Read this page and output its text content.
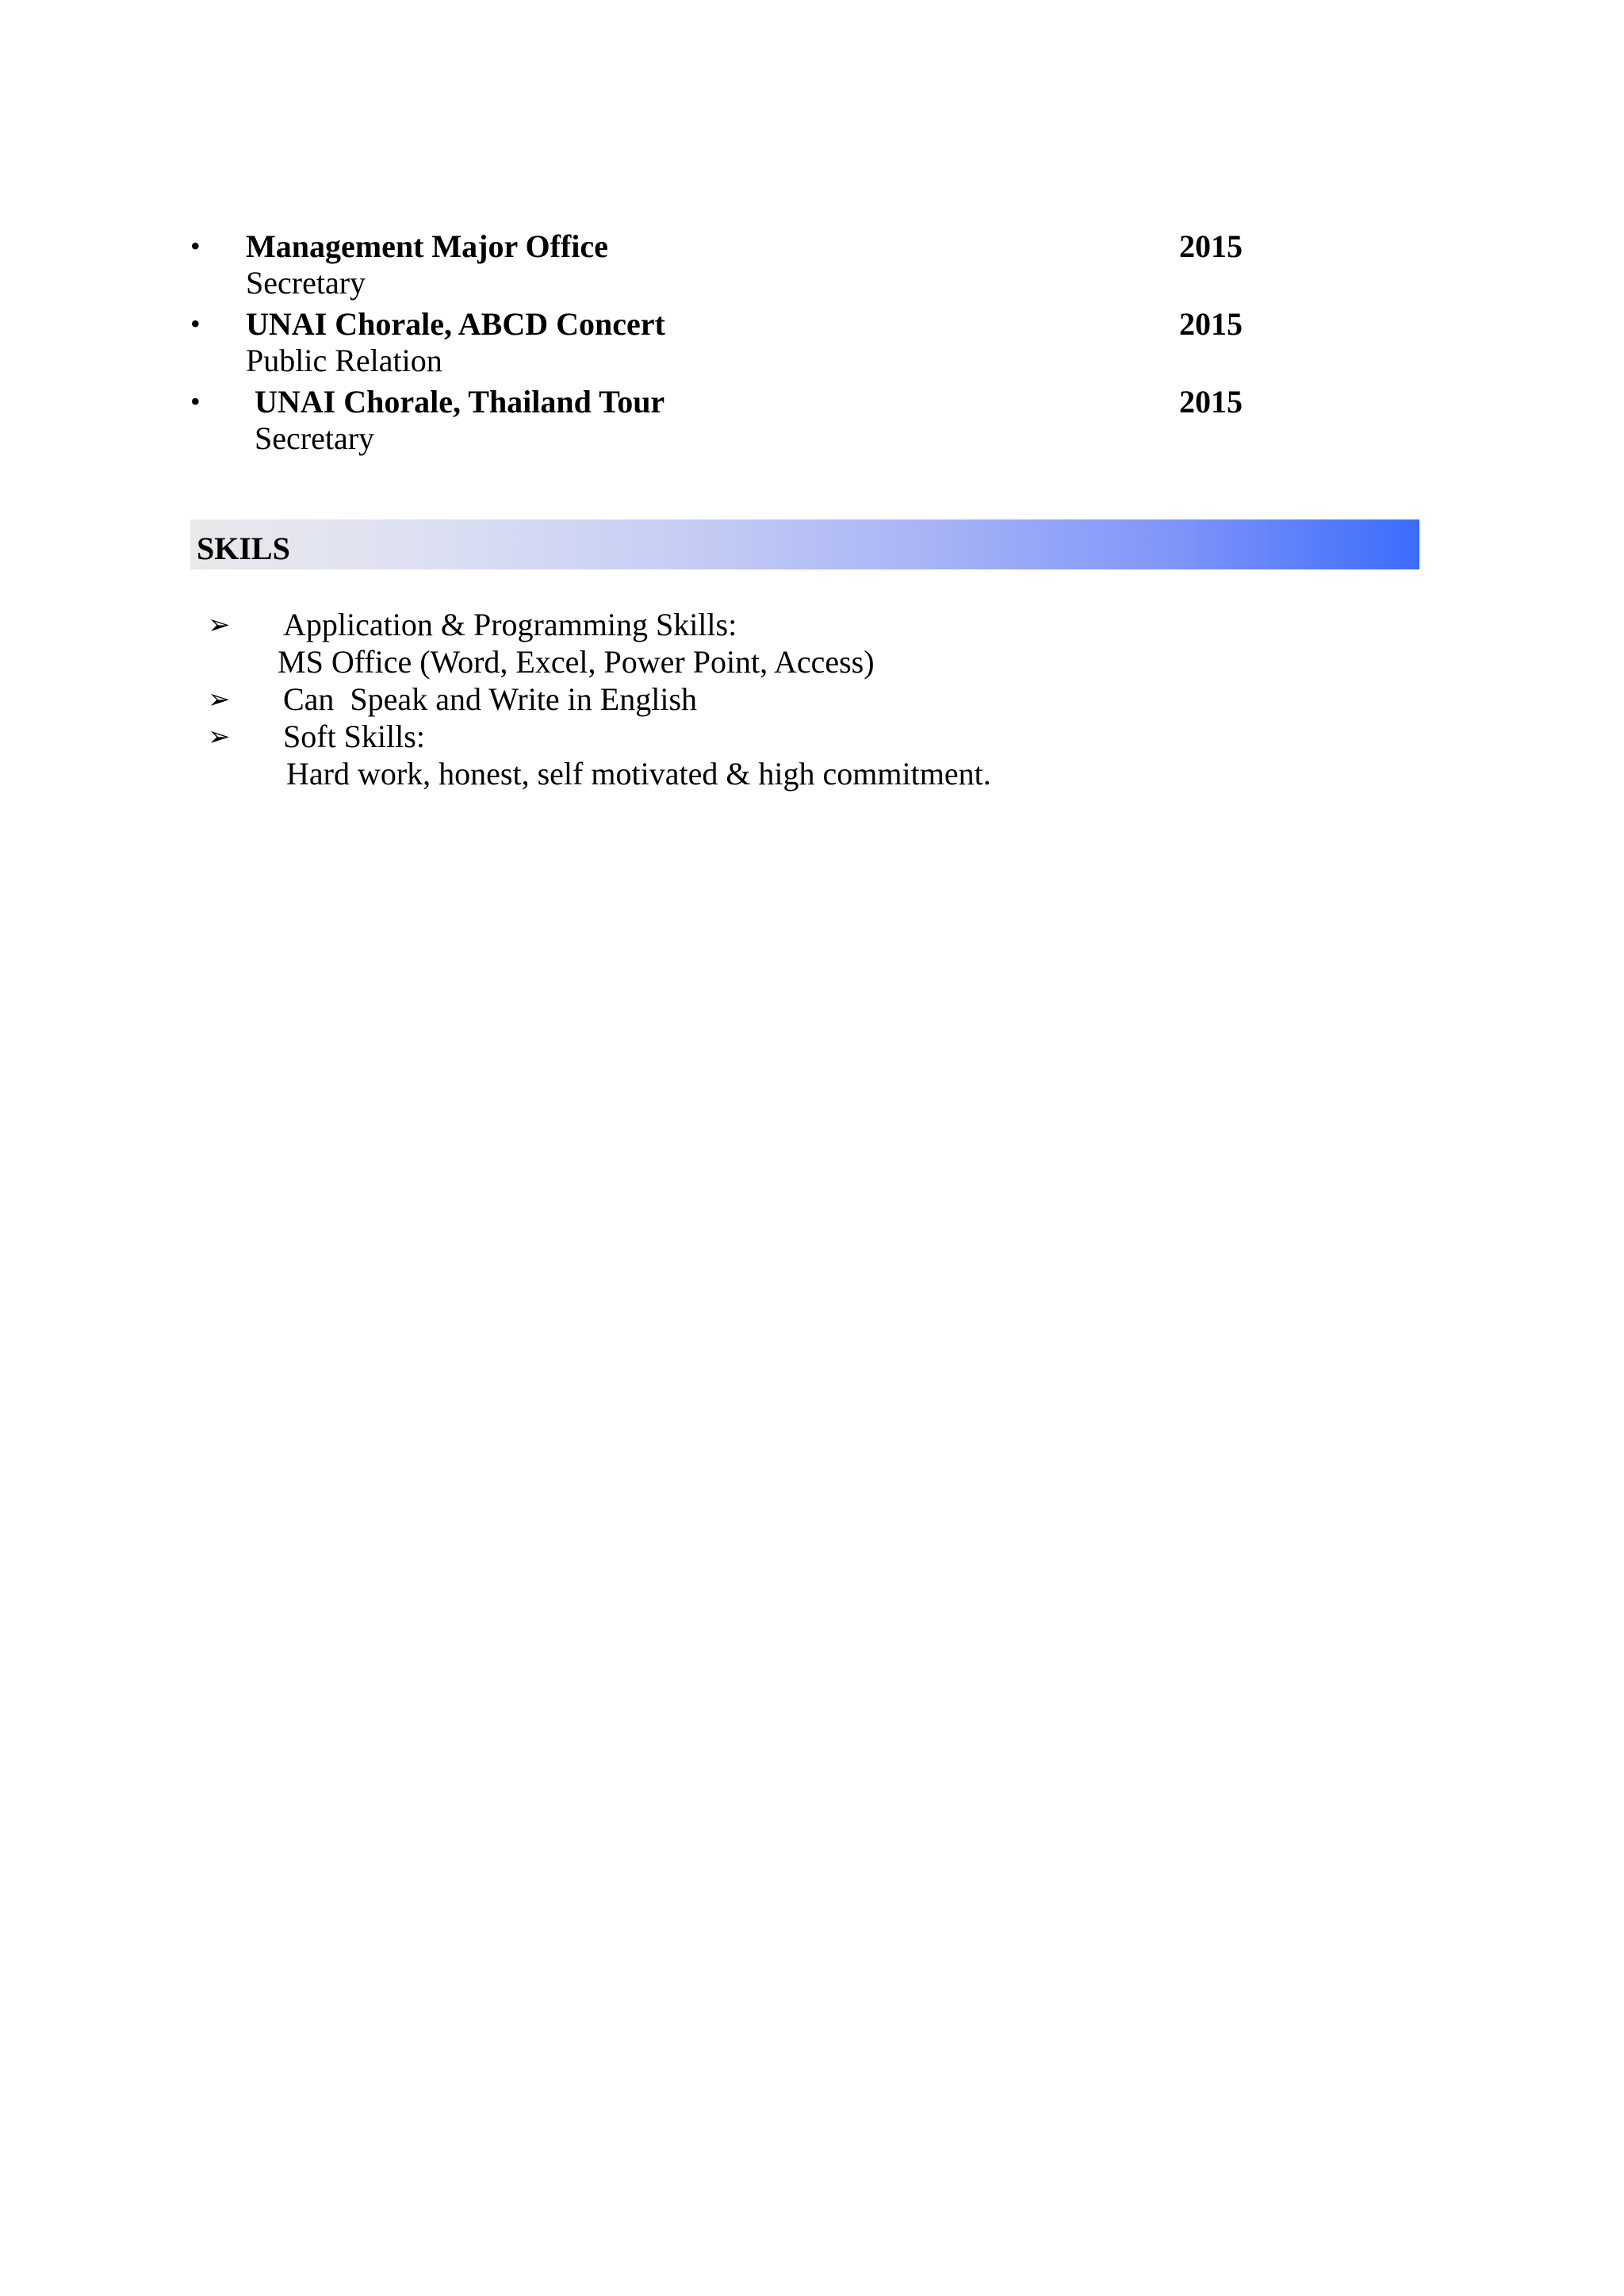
• Management Major Office	2015
Secretary
• UNAI Chorale, ABCD Concert	2015
Public Relation
• UNAI Chorale, Thailand Tour	2015
Secretary
SKILS
➢ Application & Programming Skills:
MS Office (Word, Excel, Power Point, Access)
➢ Can  Speak and Write in English
➢ Soft Skills:
Hard work, honest, self motivated & high commitment.
